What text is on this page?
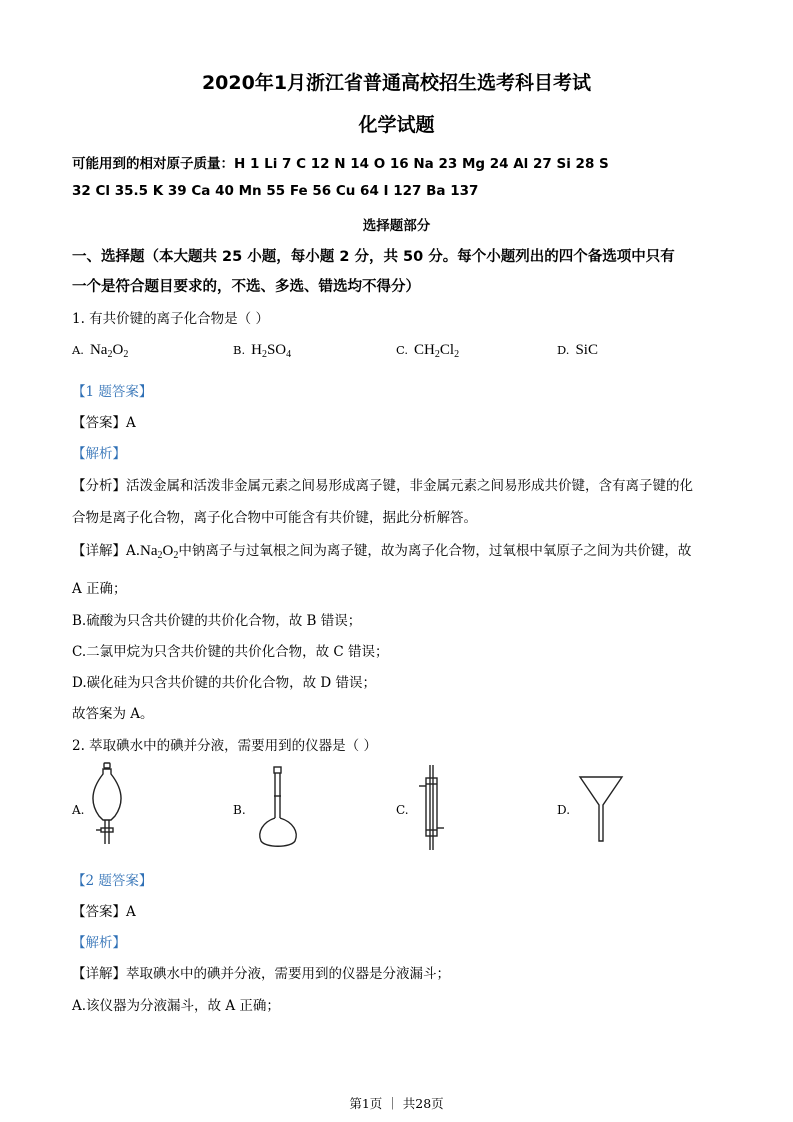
2020年1月浙江省普通高校招生选考科目考试
化学试题
可能用到的相对原子质量：H 1 Li 7 C 12 N 14 O 16 Na 23 Mg 24 Al 27 Si 28 S
32 Cl 35.5 K 39 Ca 40 Mn 55 Fe 56 Cu 64 I 127 Ba 137
选择题部分
一、选择题（本大题共 25 小题，每小题 2 分，共 50 分。每个小题列出的四个备选项中只有
一个是符合题目要求的，不选、多选、错选均不得分）
1. 有共价键的离子化合物是（ ）
A. $Na_2O_2$	B. $H_2SO_4$	C. $CH_2Cl_2$	D. SiC
【1 题答案】
【答案】A
【解析】
【分析】活泼金属和活泼非金属元素之间易形成离子键，非金属元素之间易形成共价键，含有离子键的化
合物是离子化合物，离子化合物中可能含有共价键，据此分析解答。
【详解】$A.Na_2O_2$中钠离子与过氧根之间为离子键，故为离子化合物，过氧根中氧原子之间为共价键，故
A 正确；
B.硫酸为只含共价键的共价化合物，故 B 错误；
C.二氯甲烷为只含共价键的共价化合物，故 C 错误；
D.碳化硅为只含共价键的共价化合物，故 D 错误；
故答案为 A。
2. 萃取碘水中的碘并分液，需要用到的仪器是（ ）
A.	B.	C.	D.
【2 题答案】
【答案】A
【解析】
【详解】萃取碘水中的碘并分液，需要用到的仪器是分液漏斗；
A.该仪器为分液漏斗，故 A 正确；
第1页 ｜ 共28页
